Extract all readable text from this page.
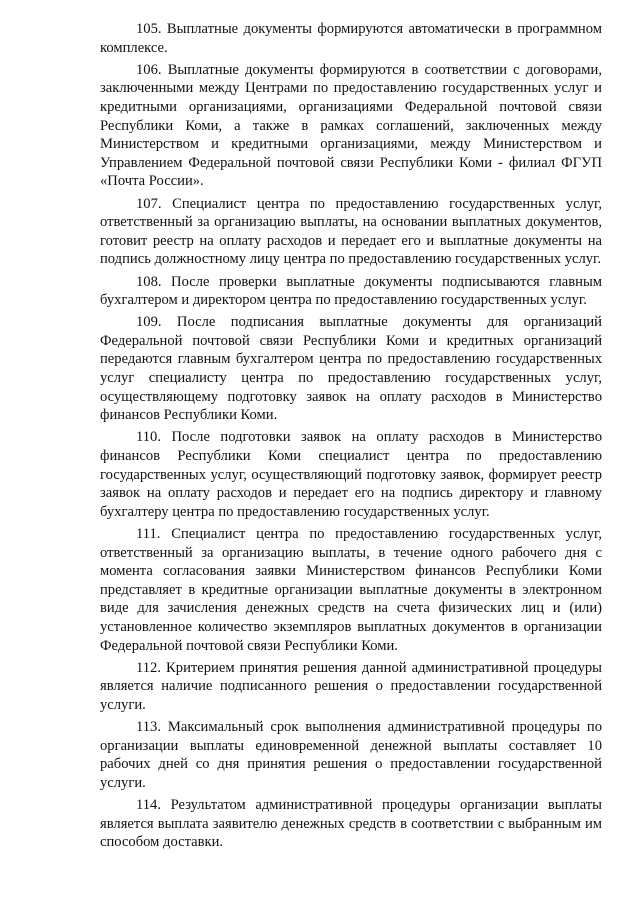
105. Выплатные документы формируются автоматически в программном комплексе.

106. Выплатные документы формируются в соответствии с договорами, заключенными между Центрами по предоставлению государственных услуг и кредитными организациями, организациями Федеральной почтовой связи Республики Коми, а также в рамках соглашений, заключенных между Министерством и кредитными организациями, между Министерством и Управлением Федеральной почтовой связи Республики Коми - филиал ФГУП «Почта России».

107. Специалист центра по предоставлению государственных услуг, ответственный за организацию выплаты, на основании выплатных документов, готовит реестр на оплату расходов и передает его и выплатные документы на подпись должностному лицу центра по предоставлению государственных услуг.

108. После проверки выплатные документы подписываются главным бухгалтером и директором центра по предоставлению государственных услуг.

109. После подписания выплатные документы для организаций Федеральной почтовой связи Республики Коми и кредитных организаций передаются главным бухгалтером центра по предоставлению государственных услуг специалисту центра по предоставлению государственных услуг, осуществляющему подготовку заявок на оплату расходов в Министерство финансов Республики Коми.

110. После подготовки заявок на оплату расходов в Министерство финансов Республики Коми специалист центра по предоставлению государственных услуг, осуществляющий подготовку заявок, формирует реестр заявок на оплату расходов и передает его на подпись директору и главному бухгалтеру центра по предоставлению государственных услуг.

111. Специалист центра по предоставлению государственных услуг, ответственный за организацию выплаты, в течение одного рабочего дня с момента согласования заявки Министерством финансов Республики Коми представляет в кредитные организации выплатные документы в электронном виде для зачисления денежных средств на счета физических лиц и (или) установленное количество экземпляров выплатных документов в организации Федеральной почтовой связи Республики Коми.

112. Критерием принятия решения данной административной процедуры является наличие подписанного решения о предоставлении государственной услуги.

113. Максимальный срок выполнения административной процедуры по организации выплаты единовременной денежной выплаты составляет 10 рабочих дней со дня принятия решения о предоставлении государственной услуги.

114. Результатом административной процедуры организации выплаты является выплата заявителю денежных средств в соответствии с выбранным им способом доставки.
